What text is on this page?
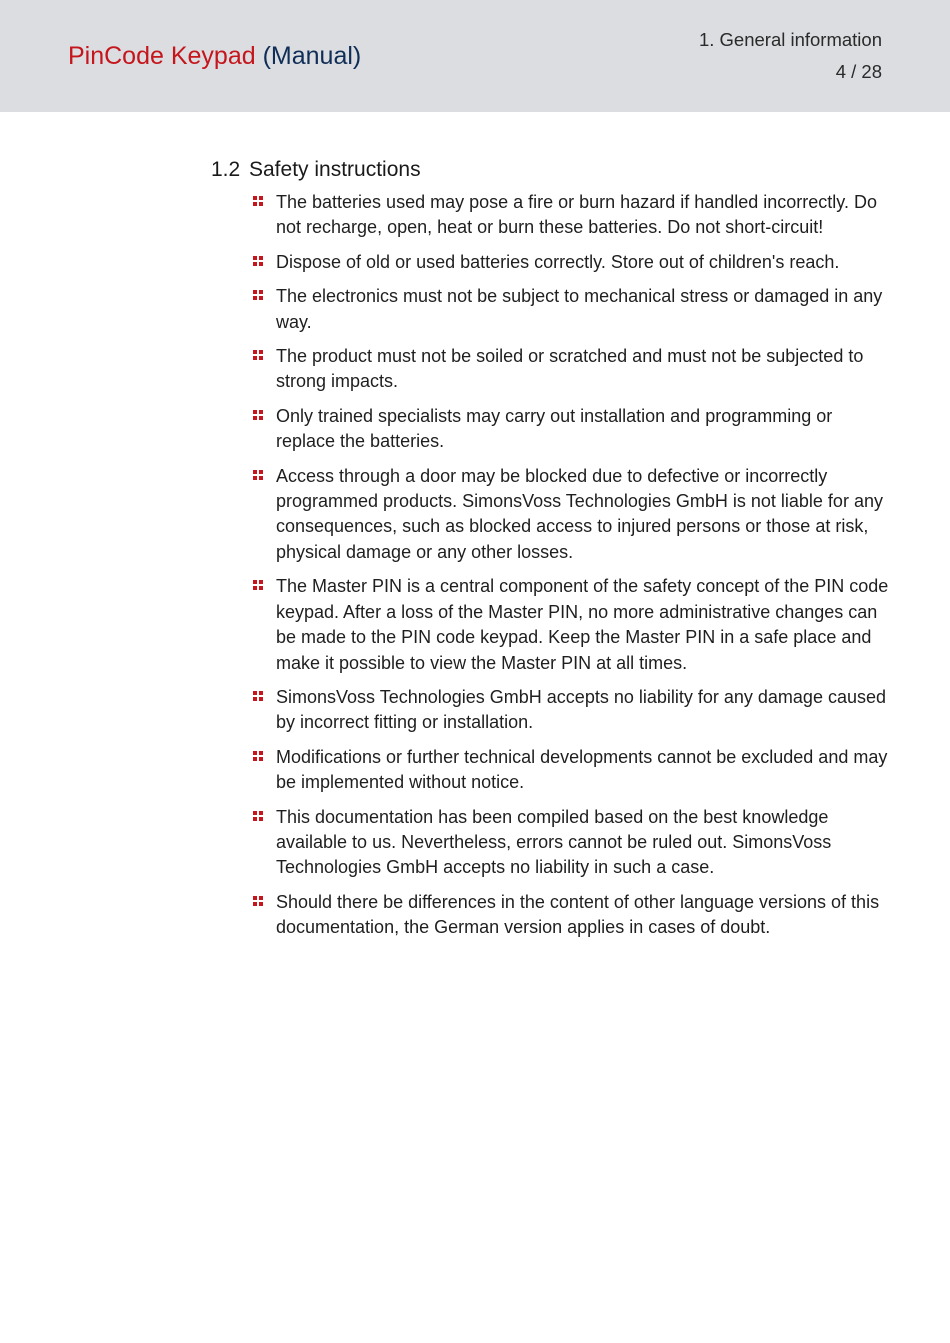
PinCode Keypad (Manual)
1. General information
4 / 28
1.2 Safety instructions
The batteries used may pose a fire or burn hazard if handled incorrectly. Do not recharge, open, heat or burn these batteries. Do not short-circuit!
Dispose of old or used batteries correctly. Store out of children's reach.
The electronics must not be subject to mechanical stress or damaged in any way.
The product must not be soiled or scratched and must not be subjected to strong impacts.
Only trained specialists may carry out installation and programming or replace the batteries.
Access through a door may be blocked due to defective or incorrectly programmed products. SimonsVoss Technologies GmbH is not liable for any consequences, such as blocked access to injured persons or those at risk, physical damage or any other losses.
The Master PIN is a central component of the safety concept of the PIN code keypad. After a loss of the Master PIN, no more administrative changes can be made to the PIN code keypad. Keep the Master PIN in a safe place and make it possible to view the Master PIN at all times.
SimonsVoss Technologies GmbH accepts no liability for any damage caused by incorrect fitting or installation.
Modifications or further technical developments cannot be excluded and may be implemented without notice.
This documentation has been compiled based on the best knowledge available to us. Nevertheless, errors cannot be ruled out. SimonsVoss Technologies GmbH accepts no liability in such a case.
Should there be differences in the content of other language versions of this documentation, the German version applies in cases of doubt.
